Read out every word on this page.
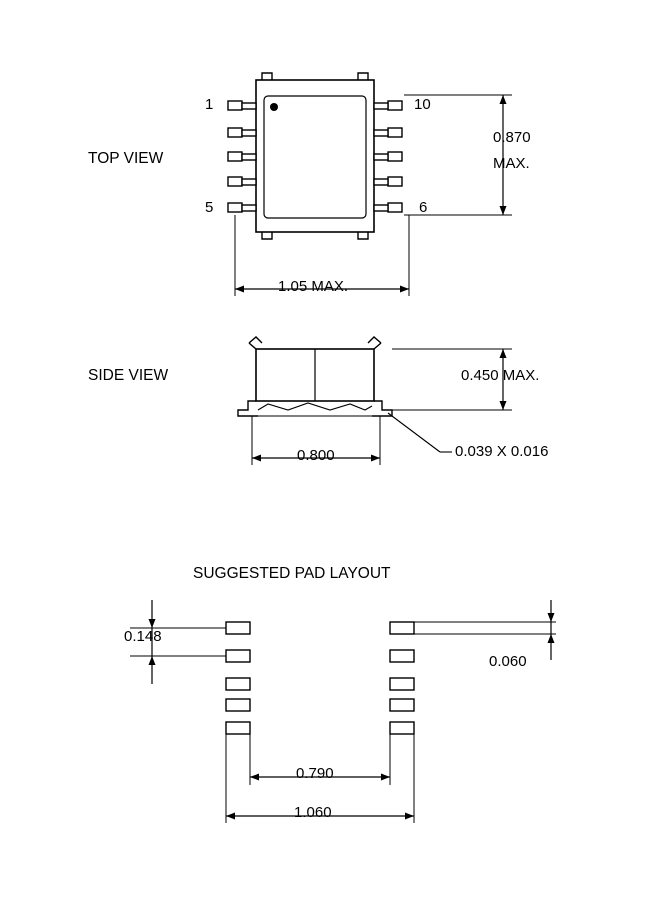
TOP VIEW
SIDE VIEW
SUGGESTED PAD LAYOUT
1	10
5	6
0.870
MAX.
1.05 MAX.
0.450 MAX.
0.800	0.039 X 0.016
0.148
0.060
0.790
1.060
